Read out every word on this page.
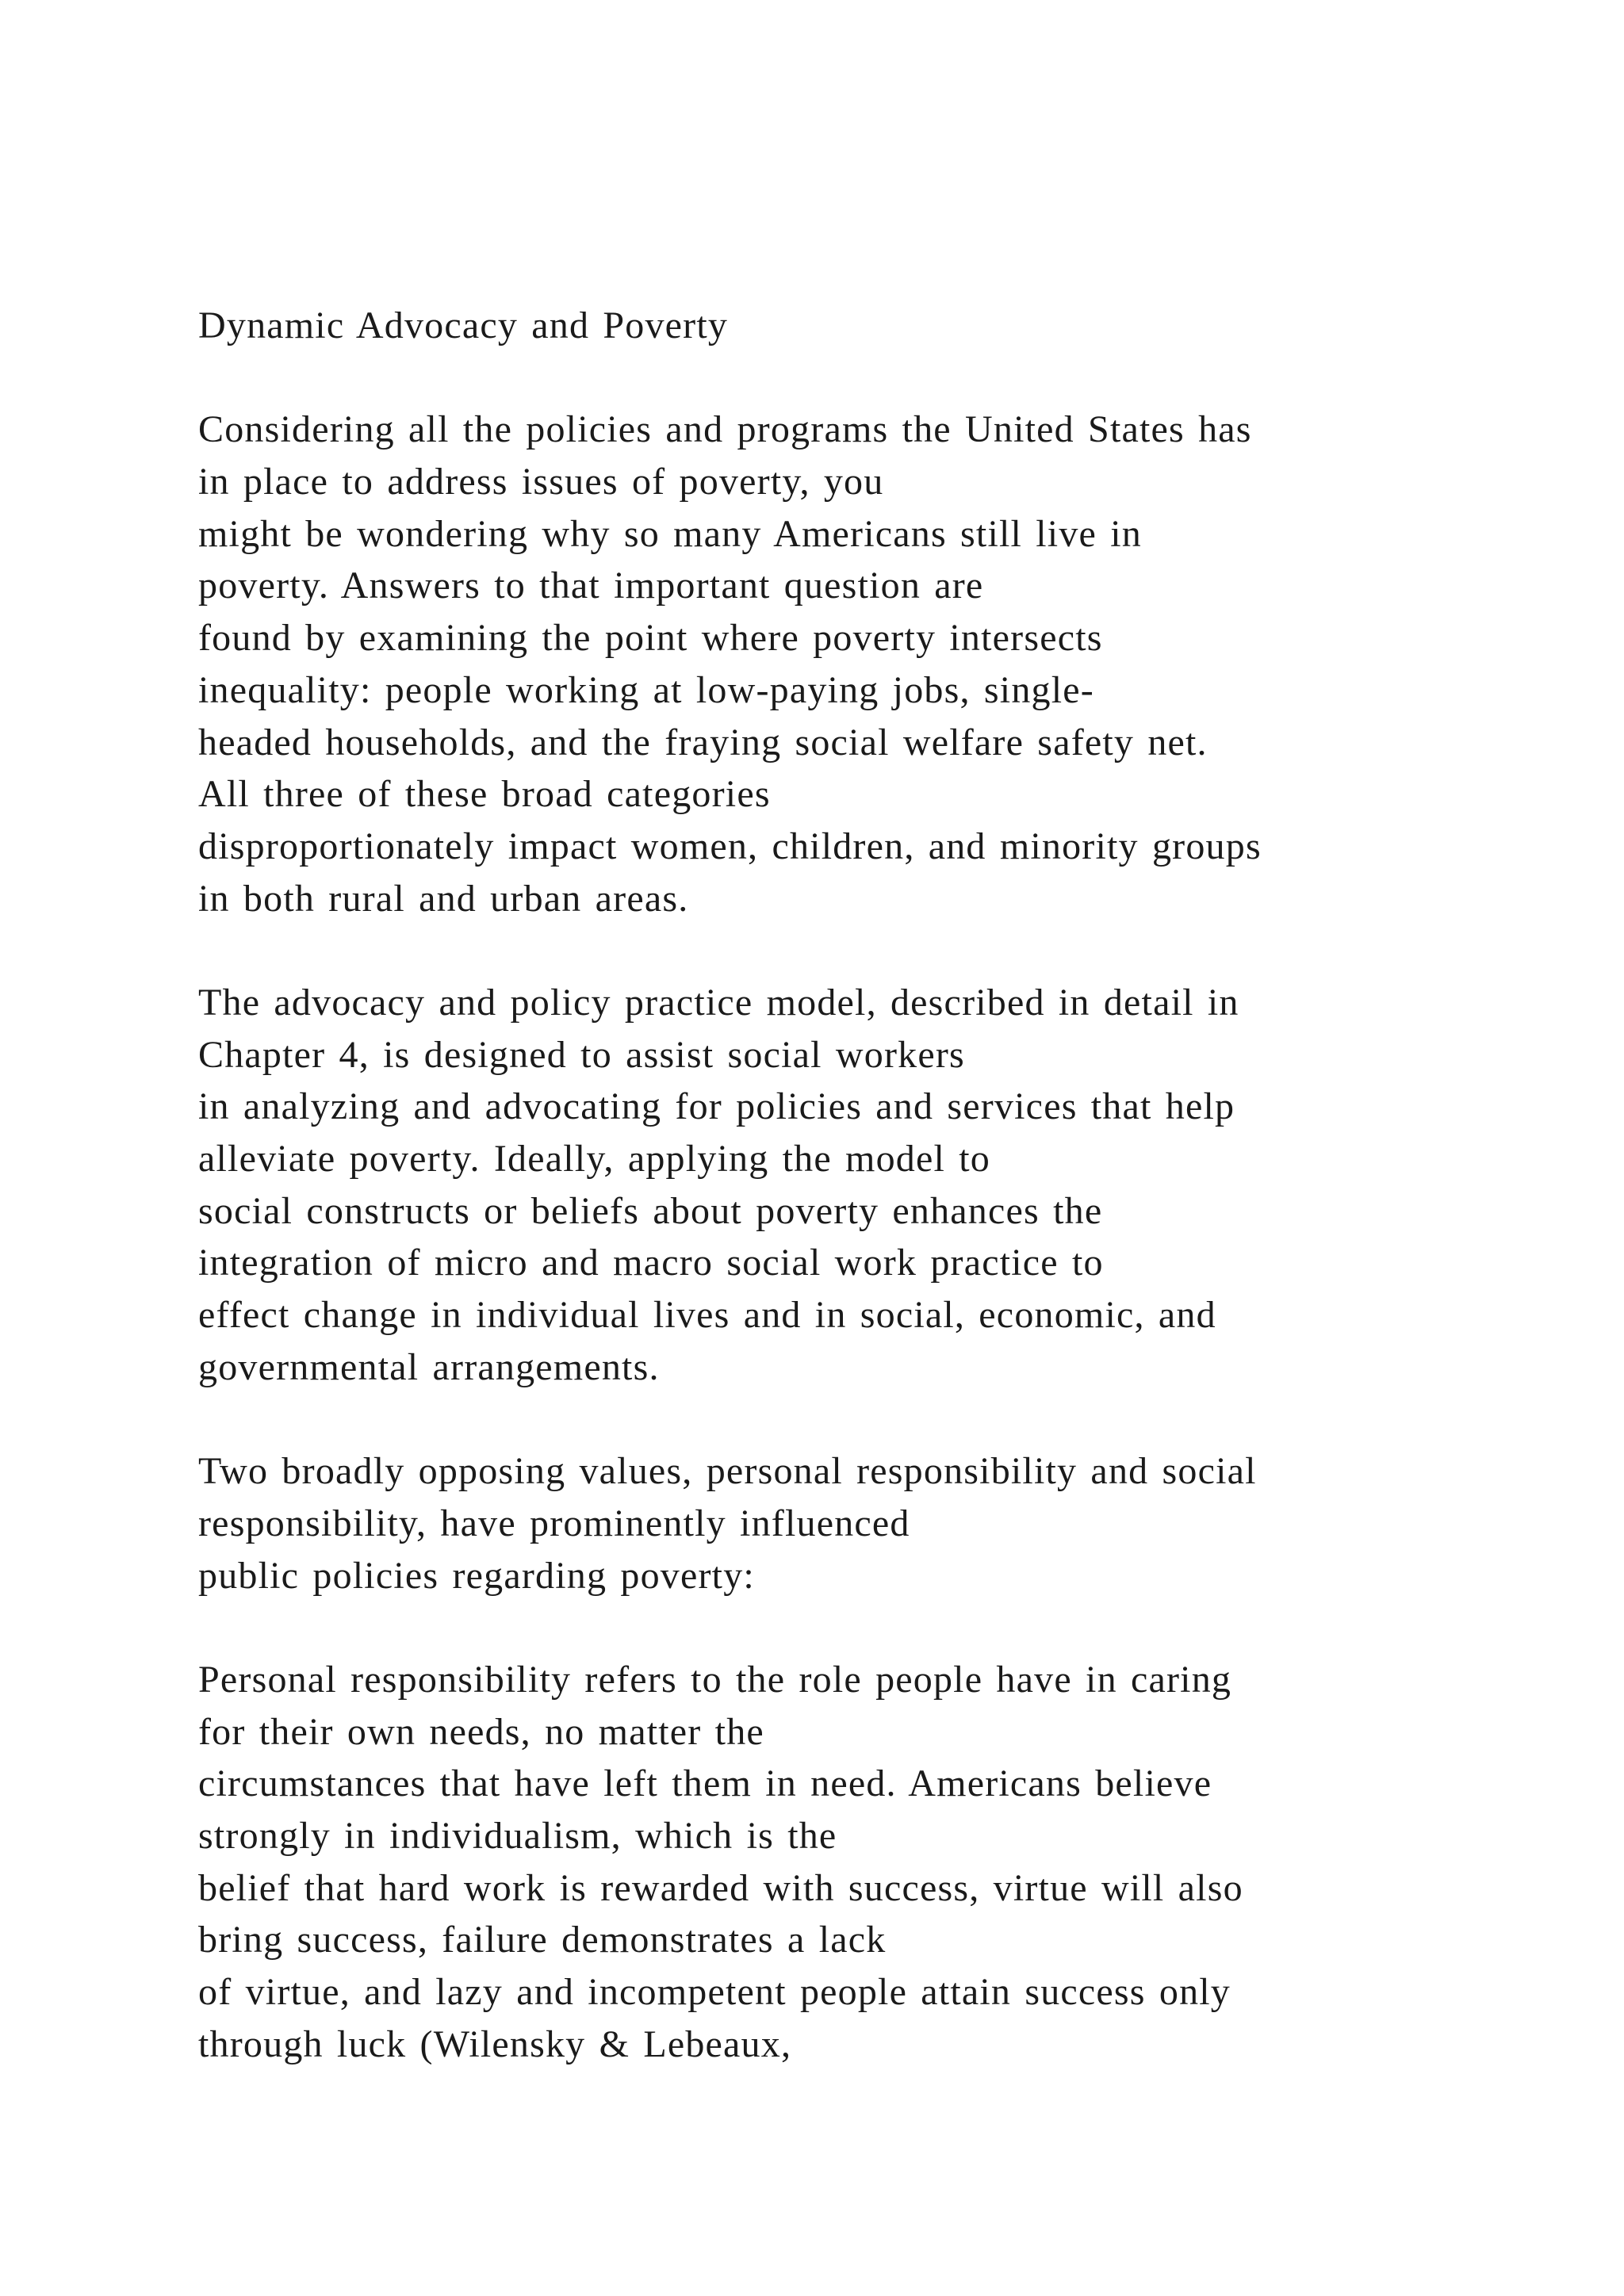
Dynamic Advocacy and Poverty
Considering all the policies and programs the United States has
in place to address issues of poverty, you
might be wondering why so many Americans still live in
poverty. Answers to that important question are
found by examining the point where poverty intersects
inequality: people working at low-paying jobs, single-
headed households, and the fraying social welfare safety net.
All three of these broad categories
disproportionately impact women, children, and minority groups
in both rural and urban areas.
The advocacy and policy practice model, described in detail in
Chapter 4, is designed to assist social workers
in analyzing and advocating for policies and services that help
alleviate poverty. Ideally, applying the model to
social constructs or beliefs about poverty enhances the
integration of micro and macro social work practice to
effect change in individual lives and in social, economic, and
governmental arrangements.
Two broadly opposing values, personal responsibility and social
responsibility, have prominently influenced
public policies regarding poverty:
Personal responsibility refers to the role people have in caring
for their own needs, no matter the
circumstances that have left them in need. Americans believe
strongly in individualism, which is the
belief that hard work is rewarded with success, virtue will also
bring success, failure demonstrates a lack
of virtue, and lazy and incompetent people attain success only
through luck (Wilensky & Lebeaux,
